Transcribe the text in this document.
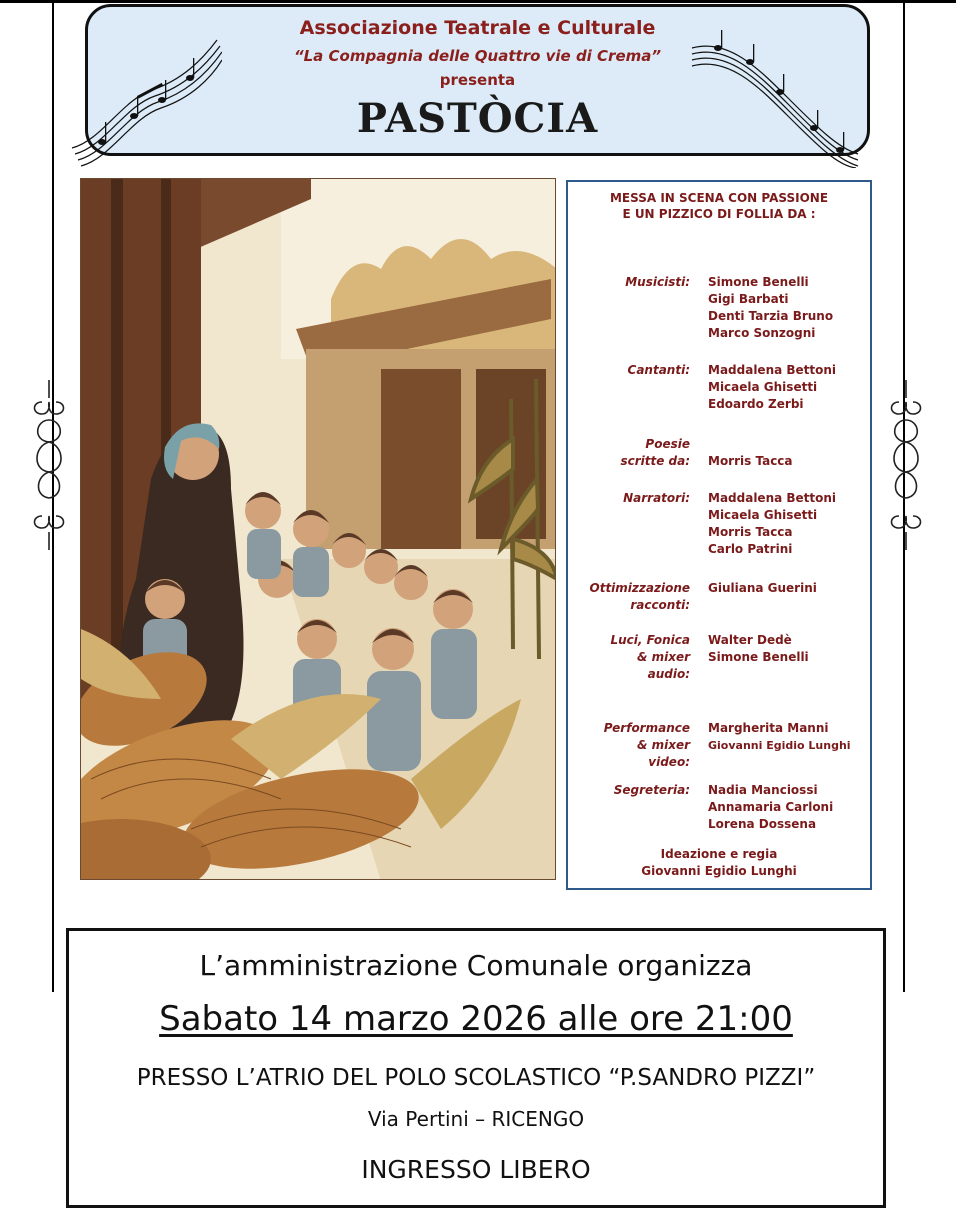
Associazione Teatrale e Culturale
“La Compagnia delle Quattro vie di Crema”
presenta
PASTÒCIA
MESSA IN SCENA CON PASSIONE
E UN PIZZICO DI FOLLIA DA :
Musicisti: Simone Benelli
Gigi Barbati
Denti Tarzia Bruno
Marco Sonzogni
Cantanti: Maddalena Bettoni
Micaela Ghisetti
Edoardo Zerbi
Poesie
scritte da: Morris Tacca
Narratori: Maddalena Bettoni
Micaela Ghisetti
Morris Tacca
Carlo Patrini
Ottimizzazione
racconti:
Giuliana Guerini
Luci, Fonica
& mixer
audio:
Walter Dedè
Simone Benelli
Performance
& mixer
video:
Margherita Manni
Giovanni Egidio Lunghi
Segreteria: Nadia Manciossi
Annamaria Carloni
Lorena Dossena
Ideazione e regia
Giovanni Egidio Lunghi
L’amministrazione Comunale organizza
Sabato 14 marzo 2026 alle ore 21:00
PRESSO L’ATRIO DEL POLO SCOLASTICO “P.SANDRO PIZZI”
Via Pertini – RICENGO
INGRESSO LIBERO
